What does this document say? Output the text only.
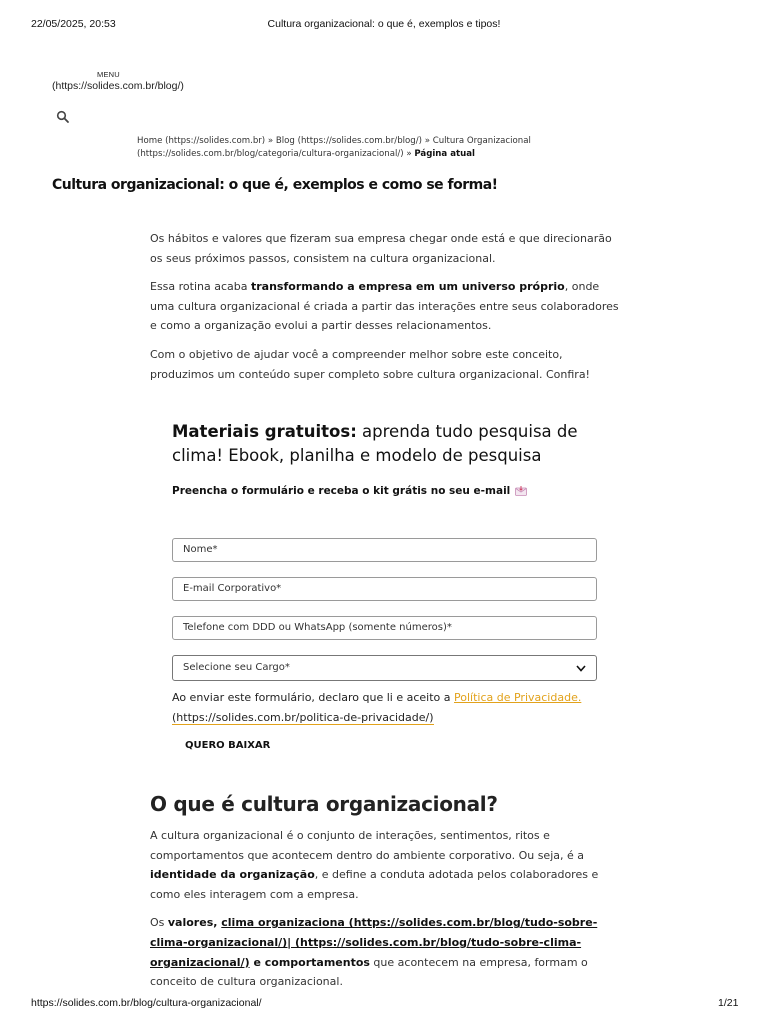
22/05/2025, 20:53	Cultura organizacional: o que é, exemplos e tipos!
MENU
(https://solides.com.br/blog/)
Home (https://solides.com.br) » Blog (https://solides.com.br/blog/) » Cultura Organizacional
(https://solides.com.br/blog/categoria/cultura-organizacional/) » Página atual
Cultura organizacional: o que é, exemplos e como se forma!

Os hábitos e valores que fizeram sua empresa chegar onde está e que direcionarão os seus próximos passos, consistem na cultura organizacional.

Essa rotina acaba transformando a empresa em um universo próprio, onde uma cultura organizacional é criada a partir das interações entre seus colaboradores e como a organização evolui a partir desses relacionamentos.

Com o objetivo de ajudar você a compreender melhor sobre este conceito, produzimos um conteúdo super completo sobre cultura organizacional. Confira!

Materiais gratuitos: aprenda tudo pesquisa de clima! Ebook, planilha e modelo de pesquisa

Preencha o formulário e receba o kit grátis no seu e-mail
Nome*
E-mail Corporativo*
Telefone com DDD ou WhatsApp (somente números)*
Selecione seu Cargo*
Ao enviar este formulário, declaro que li e aceito a Política de Privacidade.
(https://solides.com.br/politica-de-privacidade/)
QUERO BAIXAR
O que é cultura organizacional?

A cultura organizacional é o conjunto de interações, sentimentos, ritos e comportamentos que acontecem dentro do ambiente corporativo. Ou seja, é a identidade da organização, e define a conduta adotada pelos colaboradores e como eles interagem com a empresa.

Os valores, clima organizaciona (https://solides.com.br/blog/tudo-sobre-clima-organizacional/)| (https://solides.com.br/blog/tudo-sobre-clima-organizacional/) e comportamentos que acontecem na empresa, formam o conceito de cultura organizacional.

https://solides.com.br/blog/cultura-organizacional/	1/21
